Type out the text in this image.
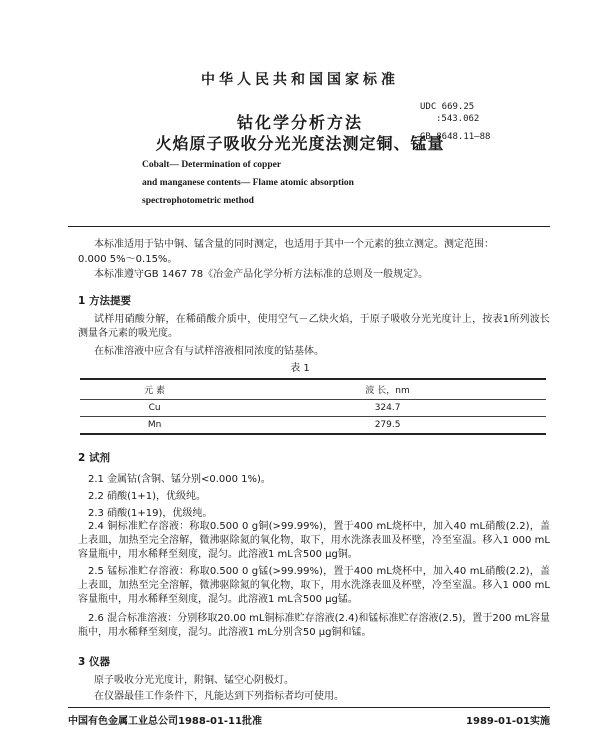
中华人民共和国国家标准
UDC 669.25
:543.062
GB 8648.11—88
钴化学分析方法
火焰原子吸收分光光度法测定铜、锰量
Cobalt— Determination of copper
and manganese contents— Flame atomic absorption
spectrophotometric method
本标准适用于钴中铜、锰含量的同时测定，也适用于其中一个元素的独立测定。测定范围：
0.000 5%～0.15%。
本标准遵守GB 1467 78《冶金产品化学分析方法标准的总则及一般规定》。
1 方法提要
试样用硝酸分解，在稀硝酸介质中，使用空气－乙炔火焰，于原子吸收分光光度计上，按表1所列波长测量各元素的吸光度。
在标准溶液中应含有与试样溶液相同浓度的钴基体。
表 1
元 素	波 长，nm
Cu	324.7
Mn	279.5
2 试剂
2.1 金属钴(含铜、锰分别<0.000 1%)。
2.2 硝酸(1+1)，优级纯。
2.3 硝酸(1+19)，优级纯。
2.4 铜标准贮存溶液：称取0.500 0 g铜(>99.99%)，置于400 mL烧杯中，加入40 mL硝酸(2.2)，盖上表皿，加热至完全溶解，微沸驱除氮的氧化物，取下，用水洗涤表皿及杯壁，冷至室温。移入1 000 mL容量瓶中，用水稀释至刻度，混匀。此溶液1 mL含500 μg铜。
2.5 锰标准贮存溶液：称取0.500 0 g锰(>99.99%)，置于400 mL烧杯中，加入40 mL硝酸(2.2)，盖上表皿，加热至完全溶解，微沸驱除氮的氧化物，取下，用水洗涤表皿及杯壁，冷至室温。移入1 000 mL容量瓶中，用水稀释至刻度，混匀。此溶液1 mL含500 μg锰。
2.6 混合标准溶液：分别移取20.00 mL铜标准贮存溶液(2.4)和锰标准贮存溶液(2.5)，置于200 mL容量瓶中，用水稀释至刻度，混匀。此溶液1 mL分别含50 μg铜和锰。
3 仪器
原子吸收分光光度计，附铜、锰空心阴极灯。
在仪器最佳工作条件下，凡能达到下列指标者均可使用。
中国有色金属工业总公司1988-01-11批准	1989-01-01实施
